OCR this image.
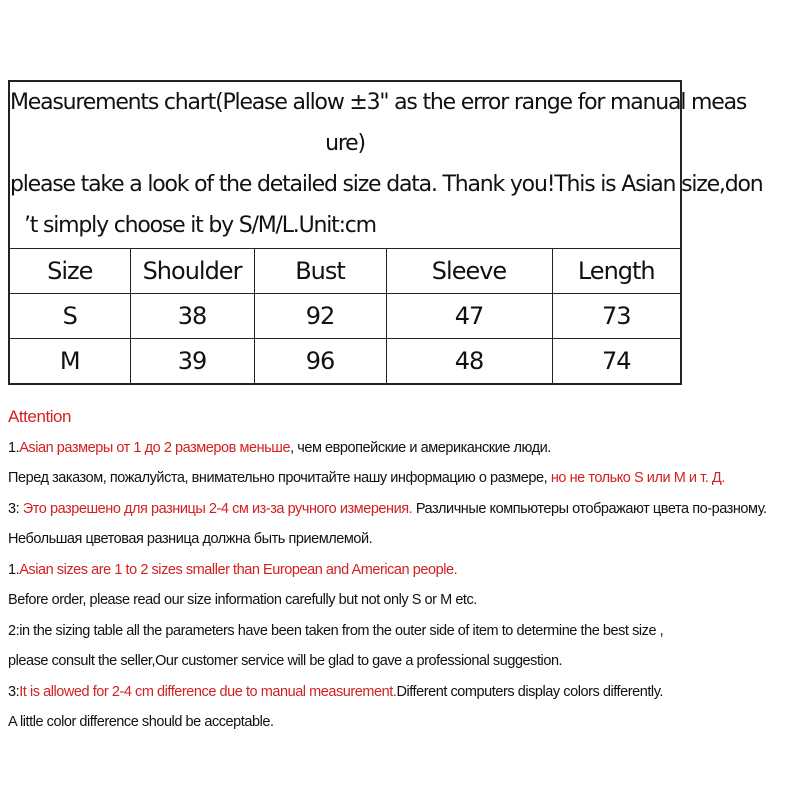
Measurements chart(Please allow ±3" as the error range for manual meas
ure)
please take a look of the detailed size data. Thank you!This is Asian size,don
’t simply choose it by S/M/L.Unit:cm
Size	Shoulder	Bust	Sleeve	Length
S	38	92	47	73
M	39	96	48	74
Attention
1.Asian размеры от 1 до 2 размеров меньше, чем европейские и американские люди.
Перед заказом, пожалуйста, внимательно прочитайте нашу информацию о размере, но не только S или M и т. Д.
3: Это разрешено для разницы 2-4 см из-за ручного измерения. Различные компьютеры отображают цвета по-разному.
Небольшая цветовая разница должна быть приемлемой.
1.Asian sizes are 1 to 2 sizes smaller than European and American people.
Before order, please read our size information carefully but not only S or M etc.
2:in the sizing table all the parameters have been taken from the outer side of item to determine the best size ,
please consult the seller,Our customer service will be glad to gave a professional suggestion.
3:It is allowed for 2-4 cm difference due to manual measurement.Different computers display colors differently.
A little color difference should be acceptable.
